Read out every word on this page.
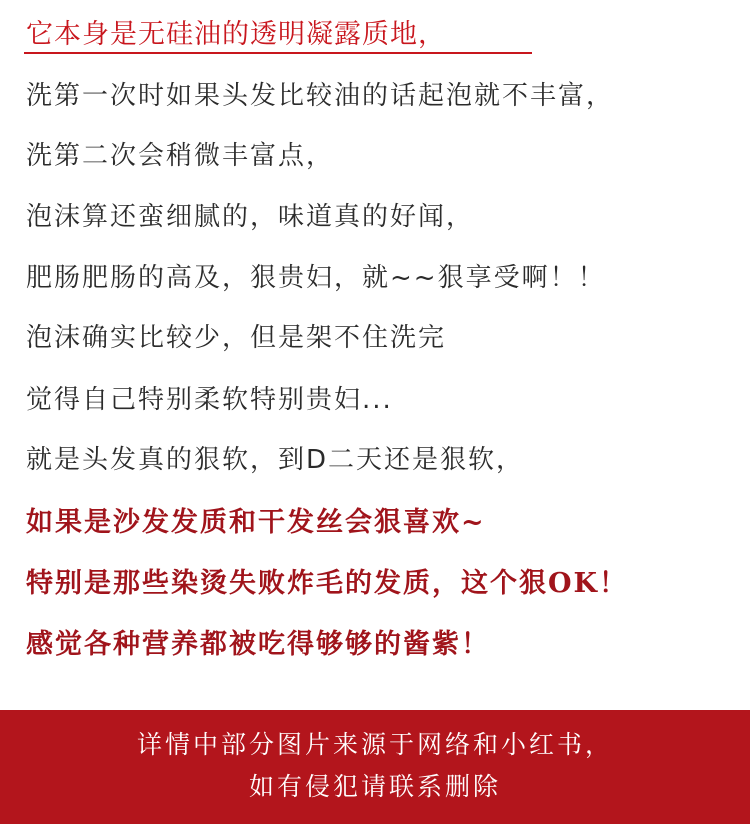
它本身是无硅油的透明凝露质地，
洗第一次时如果头发比较油的话起泡就不丰富，
洗第二次会稍微丰富点，
泡沫算还蛮细腻的，味道真的好闻，
肥肠肥肠的高及，狠贵妇，就~~狠享受啊！！
泡沫确实比较少，但是架不住洗完
觉得自己特别柔软特别贵妇...
就是头发真的狠软，到D二天还是狠软，
如果是沙发发质和干发丝会狠喜欢~
特别是那些染烫失败炸毛的发质，这个狠OK！
感觉各种营养都被吃得够够的酱紫！
详情中部分图片来源于网络和小红书，
如有侵犯请联系删除
